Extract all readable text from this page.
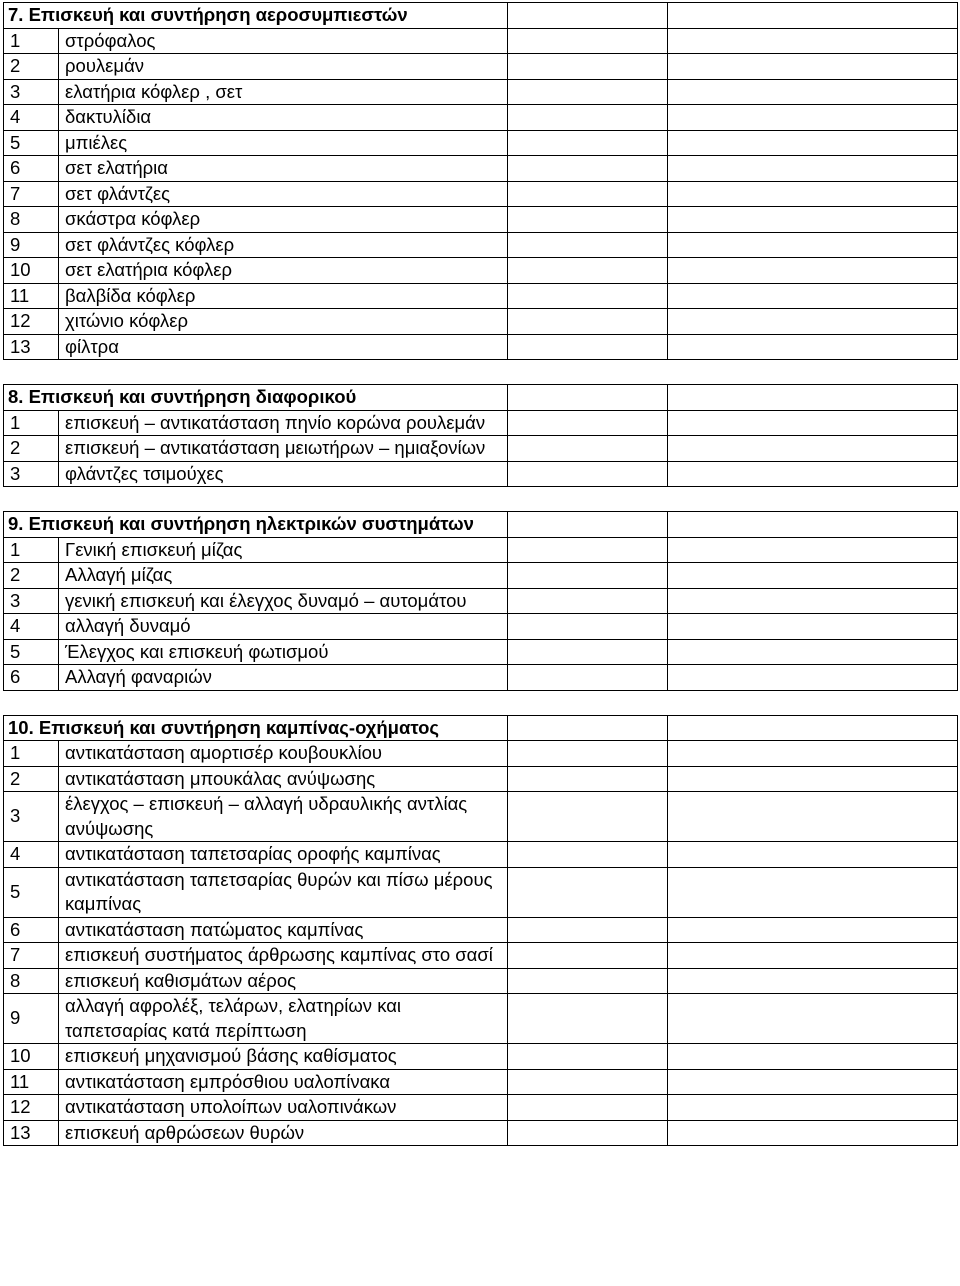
7. Επισκευή και συντήρηση αεροσυμπιεστών			
1	στρόφαλος		
2	ρουλεμάν		
3	ελατήρια κόφλερ , σετ		
4	δακτυλίδια		
5	μπιέλες		
6	σετ ελατήρια		
7	σετ φλάντζες		
8	σκάστρα κόφλερ		
9	σετ φλάντζες κόφλερ		
10	σετ ελατήρια κόφλερ		
11	βαλβίδα κόφλερ		
12	χιτώνιο κόφλερ		
13	φίλτρα		
8. Επισκευή και συντήρηση διαφορικού			
1	επισκευή – αντικατάσταση πηνίο κορώνα ρουλεμάν		
2	επισκευή – αντικατάσταση μειωτήρων – ημιαξονίων		
3	φλάντζες τσιμούχες		
9. Επισκευή και συντήρηση ηλεκτρικών συστημάτων			
1	Γενική επισκευή μίζας		
2	Αλλαγή μίζας		
3	γενική επισκευή και έλεγχος δυναμό – αυτομάτου		
4	αλλαγή δυναμό		
5	Έλεγχος και επισκευή φωτισμού		
6	Αλλαγή φαναριών		
10. Επισκευή και συντήρηση καμπίνας-οχήματος			
1	αντικατάσταση αμορτισέρ κουβουκλίου		
2	αντικατάσταση μπουκάλας ανύψωσης		
3	έλεγχος – επισκευή – αλλαγή υδραυλικής αντλίας ανύψωσης		
4	αντικατάσταση ταπετσαρίας οροφής καμπίνας		
5	αντικατάσταση ταπετσαρίας θυρών και πίσω μέρους καμπίνας		
6	αντικατάσταση πατώματος καμπίνας		
7	επισκευή συστήματος άρθρωσης καμπίνας στο σασί		
8	επισκευή καθισμάτων αέρος		
9	αλλαγή αφρολέξ, τελάρων, ελατηρίων και ταπετσαρίας κατά περίπτωση		
10	επισκευή μηχανισμού βάσης καθίσματος		
11	αντικατάσταση εμπρόσθιου υαλοπίνακα		
12	αντικατάσταση υπολοίπων υαλοπινάκων		
13	επισκευή αρθρώσεων θυρών		
